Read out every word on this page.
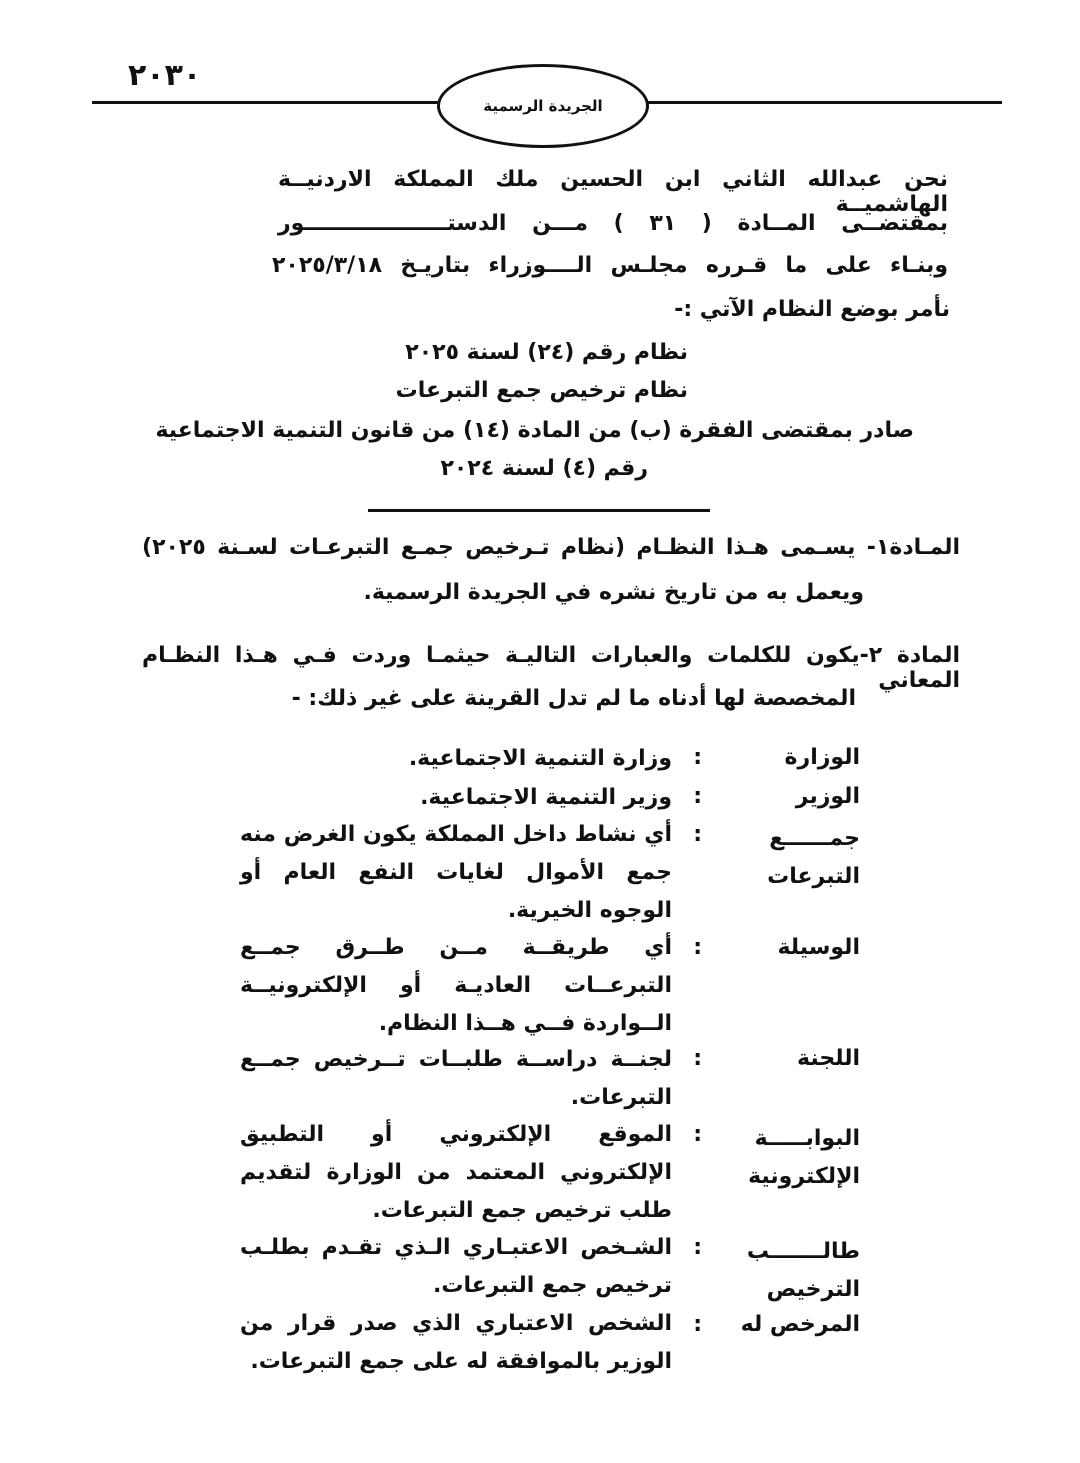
٢٠٣٠
الجريدة الرسمية
نحن عبدالله الثاني ابن الحسين ملك المملكة الاردنيــة الهاشميــة
بمقتضــى المــادة ( ٣١ ) مـــن الدستـــــــــــــــــــور
وبنـاء على ما قـرره مجلـس الــــوزراء بتاريـخ ٢٠٢٥/٣/١٨
نأمر بوضع النظام الآتي :-
نظام رقم (٢٤) لسنة ٢٠٢٥
نظام ترخيص جمع التبرعات
صادر بمقتضى الفقرة (ب) من المادة (١٤) من قانون التنمية الاجتماعية
رقم (٤) لسنة ٢٠٢٤
المـادة١- يسـمى هـذا النظـام (نظام تـرخيص جمـع التبرعـات لسـنة ٢٠٢٥)
ويعمل به من تاريخ نشره في الجريدة الرسمية.
المادة ٢-يكون للكلمات والعبارات التاليـة حيثمـا وردت فـي هـذا النظـام المعاني
المخصصة لها أدناه ما لم تدل القرينة على غير ذلك: -
الوزارة
:
وزارة التنمية الاجتماعية.
الوزير
:
وزير التنمية الاجتماعية.
جمــــــع التبرعات
:
أي نشاط داخل المملكة يكون الغرض منه جمع الأموال لغايات النفع العام أو الوجوه الخيرية.
الوسيلة
:
أي طريقــة مــن طــرق جمــع التبرعــات العاديـة أو الإلكترونيــة الــواردة فــي هــذا النظام.
اللجنة
:
لجنــة دراســة طلبــات تــرخيص جمــع التبرعات.
البوابـــــة الإلكترونية
:
الموقع الإلكتروني أو التطبيق الإلكتروني المعتمد من الوزارة لتقديم طلب ترخيص جمع التبرعات.
طالـــــــب الترخيص
:
الشـخص الاعتبـاري الـذي تقـدم بطلـب ترخيص جمع التبرعات.
المرخص له
:
الشخص الاعتباري الذي صدر قرار من الوزير بالموافقة له على جمع التبرعات.
